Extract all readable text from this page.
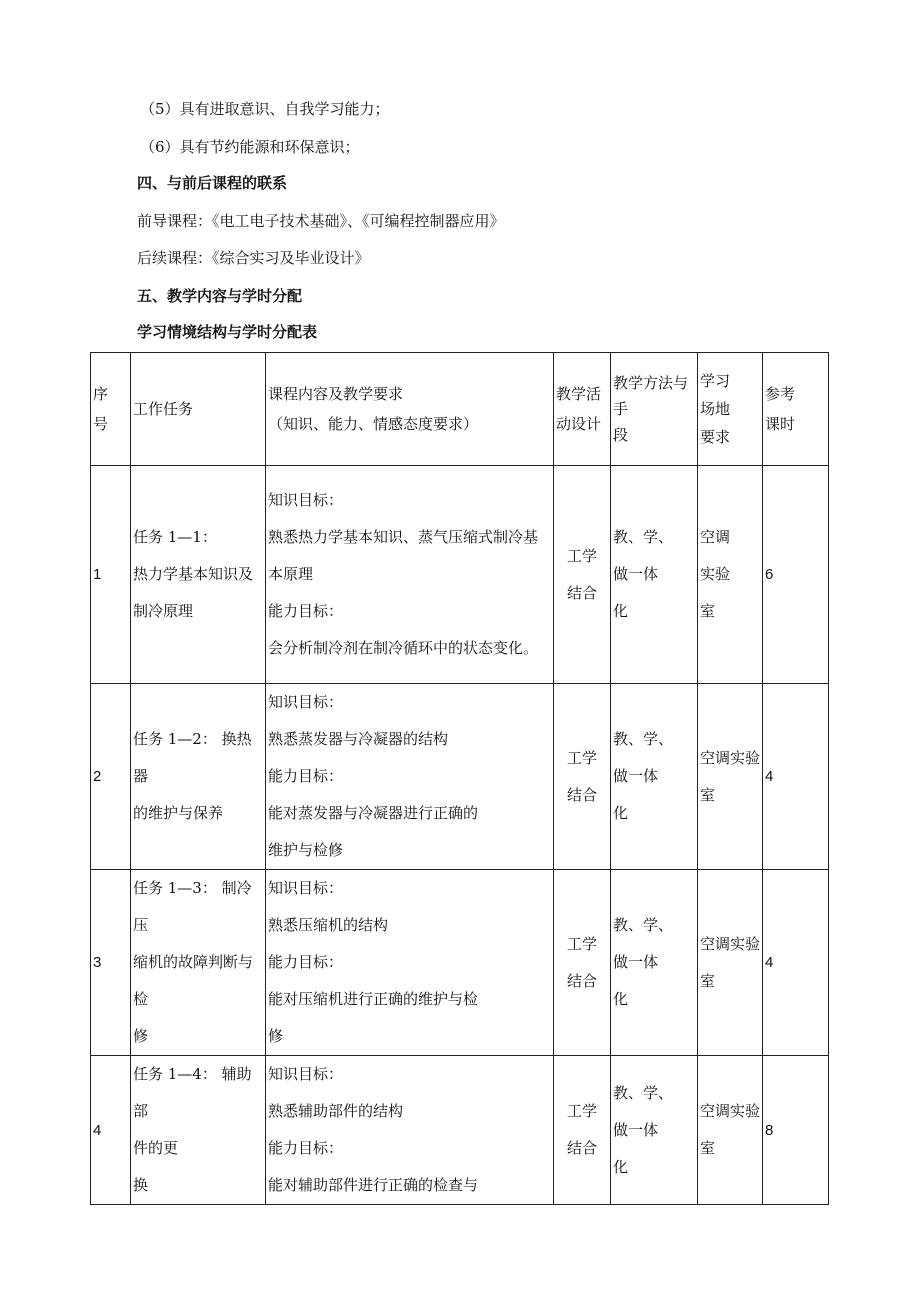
（5）具有进取意识、自我学习能力；
（6）具有节约能源和环保意识；
四、与前后课程的联系
前导课程：《电工电子技术基础》、《可编程控制器应用》
后续课程：《综合实习及毕业设计》
五、教学内容与学时分配
学习情境结构与学时分配表
序
号	工作任务	课程内容及教学要求
（知识、能力、情感态度要求）	教学活
动设计	教学方法与
手
段	学习
场地
要求	参考
课时

1	任务 1—1：
热力学基本知识及
制冷原理	知识目标：
熟悉热力学基本知识、蒸气压缩式制冷基
本原理
能力目标：
会分析制冷剂在制冷循环中的状态变化。	工学
结合	教、学、
做一体
化	空调
实验
室	6
2	任务 1—2： 换热器
的维护与保养	知识目标：
熟悉蒸发器与冷凝器的结构
能力目标：
能对蒸发器与冷凝器进行正确的
维护与检修	工学
结合	教、学、
做一体
化	空调实验
室	4
3	任务 1—3： 制冷压
缩机的故障判断与
检
修	知识目标：
熟悉压缩机的结构
能力目标：
能对压缩机进行正确的维护与检
修	工学
结合	教、学、
做一体
化	空调实验
室	4
4	任务 1—4： 辅助部
件的更
换	知识目标：
熟悉辅助部件的结构
能力目标：
能对辅助部件进行正确的检查与	工学
结合	教、学、
做一体
化	空调实验
室	8
